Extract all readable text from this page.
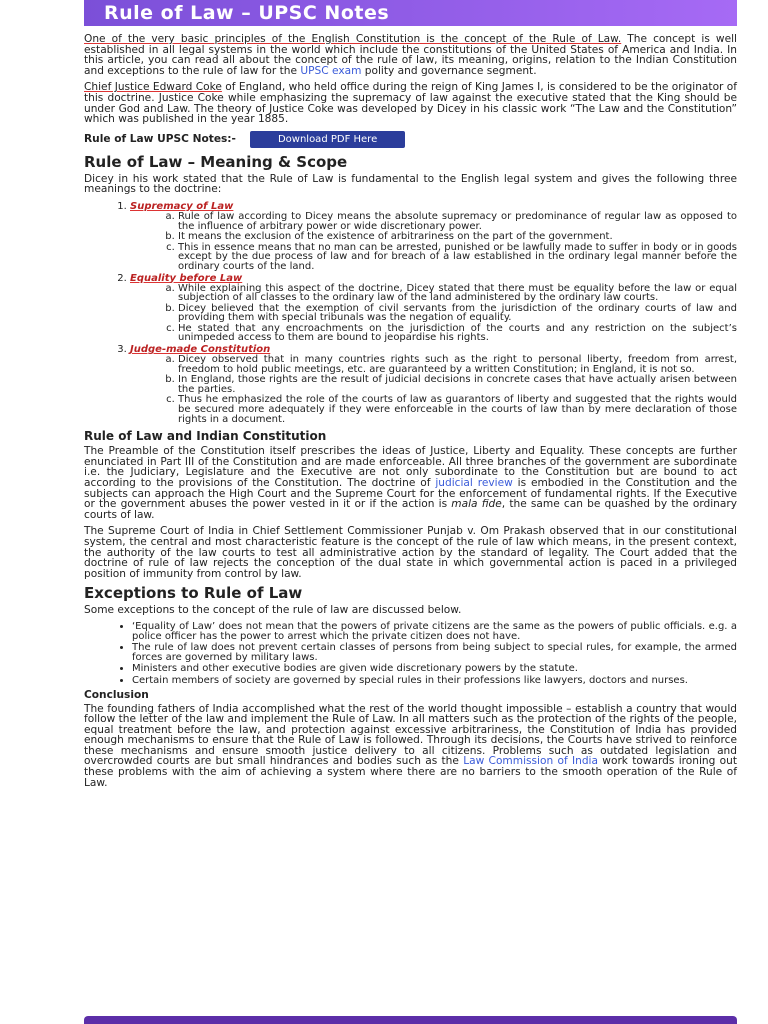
Rule of Law – UPSC Notes

One of the very basic principles of the English Constitution is the concept of the Rule of Law. The concept is well established in all legal systems in the world which include the constitutions of the United States of America and India. In this article, you can read all about the concept of the rule of law, its meaning, origins, relation to the Indian Constitution and exceptions to the rule of law for the UPSC exam polity and governance segment.

Chief Justice Edward Coke of England, who held office during the reign of King James I, is considered to be the originator of this doctrine. Justice Coke while emphasizing the supremacy of law against the executive stated that the King should be under God and Law. The theory of Justice Coke was developed by Dicey in his classic work “The Law and the Constitution” which was published in the year 1885.

Rule of Law UPSC Notes:-	Download PDF Here
Rule of Law – Meaning & Scope

Dicey in his work stated that the Rule of Law is fundamental to the English legal system and gives the following three meanings to the doctrine:

1. Supremacy of Law
a. Rule of law according to Dicey means the absolute supremacy or predominance of regular law as opposed to the influence of arbitrary power or wide discretionary power.
b. It means the exclusion of the existence of arbitrariness on the part of the government.
c. This in essence means that no man can be arrested, punished or be lawfully made to suffer in body or in goods except by the due process of law and for breach of a law established in the ordinary legal manner before the ordinary courts of the land.
2. Equality before Law
a. While explaining this aspect of the doctrine, Dicey stated that there must be equality before the law or equal subjection of all classes to the ordinary law of the land administered by the ordinary law courts.
b. Dicey believed that the exemption of civil servants from the jurisdiction of the ordinary courts of law and providing them with special tribunals was the negation of equality.
c. He stated that any encroachments on the jurisdiction of the courts and any restriction on the subject’s unimpeded access to them are bound to jeopardise his rights.
3. Judge-made Constitution
a. Dicey observed that in many countries rights such as the right to personal liberty, freedom from arrest, freedom to hold public meetings, etc. are guaranteed by a written Constitution; in England, it is not so.
b. In England, those rights are the result of judicial decisions in concrete cases that have actually arisen between the parties.
c. Thus he emphasized the role of the courts of law as guarantors of liberty and suggested that the rights would be secured more adequately if they were enforceable in the courts of law than by mere declaration of those rights in a document.
Rule of Law and Indian Constitution

The Preamble of the Constitution itself prescribes the ideas of Justice, Liberty and Equality. These concepts are further enunciated in Part III of the Constitution and are made enforceable. All three branches of the government are subordinate i.e. the Judiciary, Legislature and the Executive are not only subordinate to the Constitution but are bound to act according to the provisions of the Constitution. The doctrine of judicial review is embodied in the Constitution and the subjects can approach the High Court and the Supreme Court for the enforcement of fundamental rights. If the Executive or the government abuses the power vested in it or if the action is mala fide, the same can be quashed by the ordinary courts of law.

The Supreme Court of India in Chief Settlement Commissioner Punjab v. Om Prakash observed that in our constitutional system, the central and most characteristic feature is the concept of the rule of law which means, in the present context, the authority of the law courts to test all administrative action by the standard of legality. The Court added that the doctrine of rule of law rejects the conception of the dual state in which governmental action is paced in a privileged position of immunity from control by law.

Exceptions to Rule of Law

Some exceptions to the concept of the rule of law are discussed below.

• ‘Equality of Law’ does not mean that the powers of private citizens are the same as the powers of public officials. e.g. a police officer has the power to arrest which the private citizen does not have.
• The rule of law does not prevent certain classes of persons from being subject to special rules, for example, the armed forces are governed by military laws.
• Ministers and other executive bodies are given wide discretionary powers by the statute.
• Certain members of society are governed by special rules in their professions like lawyers, doctors and nurses.
Conclusion

The founding fathers of India accomplished what the rest of the world thought impossible – establish a country that would follow the letter of the law and implement the Rule of Law. In all matters such as the protection of the rights of the people, equal treatment before the law, and protection against excessive arbitrariness, the Constitution of India has provided enough mechanisms to ensure that the Rule of Law is followed. Through its decisions, the Courts have strived to reinforce these mechanisms and ensure smooth justice delivery to all citizens. Problems such as outdated legislation and overcrowded courts are but small hindrances and bodies such as the Law Commission of India work towards ironing out these problems with the aim of achieving a system where there are no barriers to the smooth operation of the Rule of Law.
